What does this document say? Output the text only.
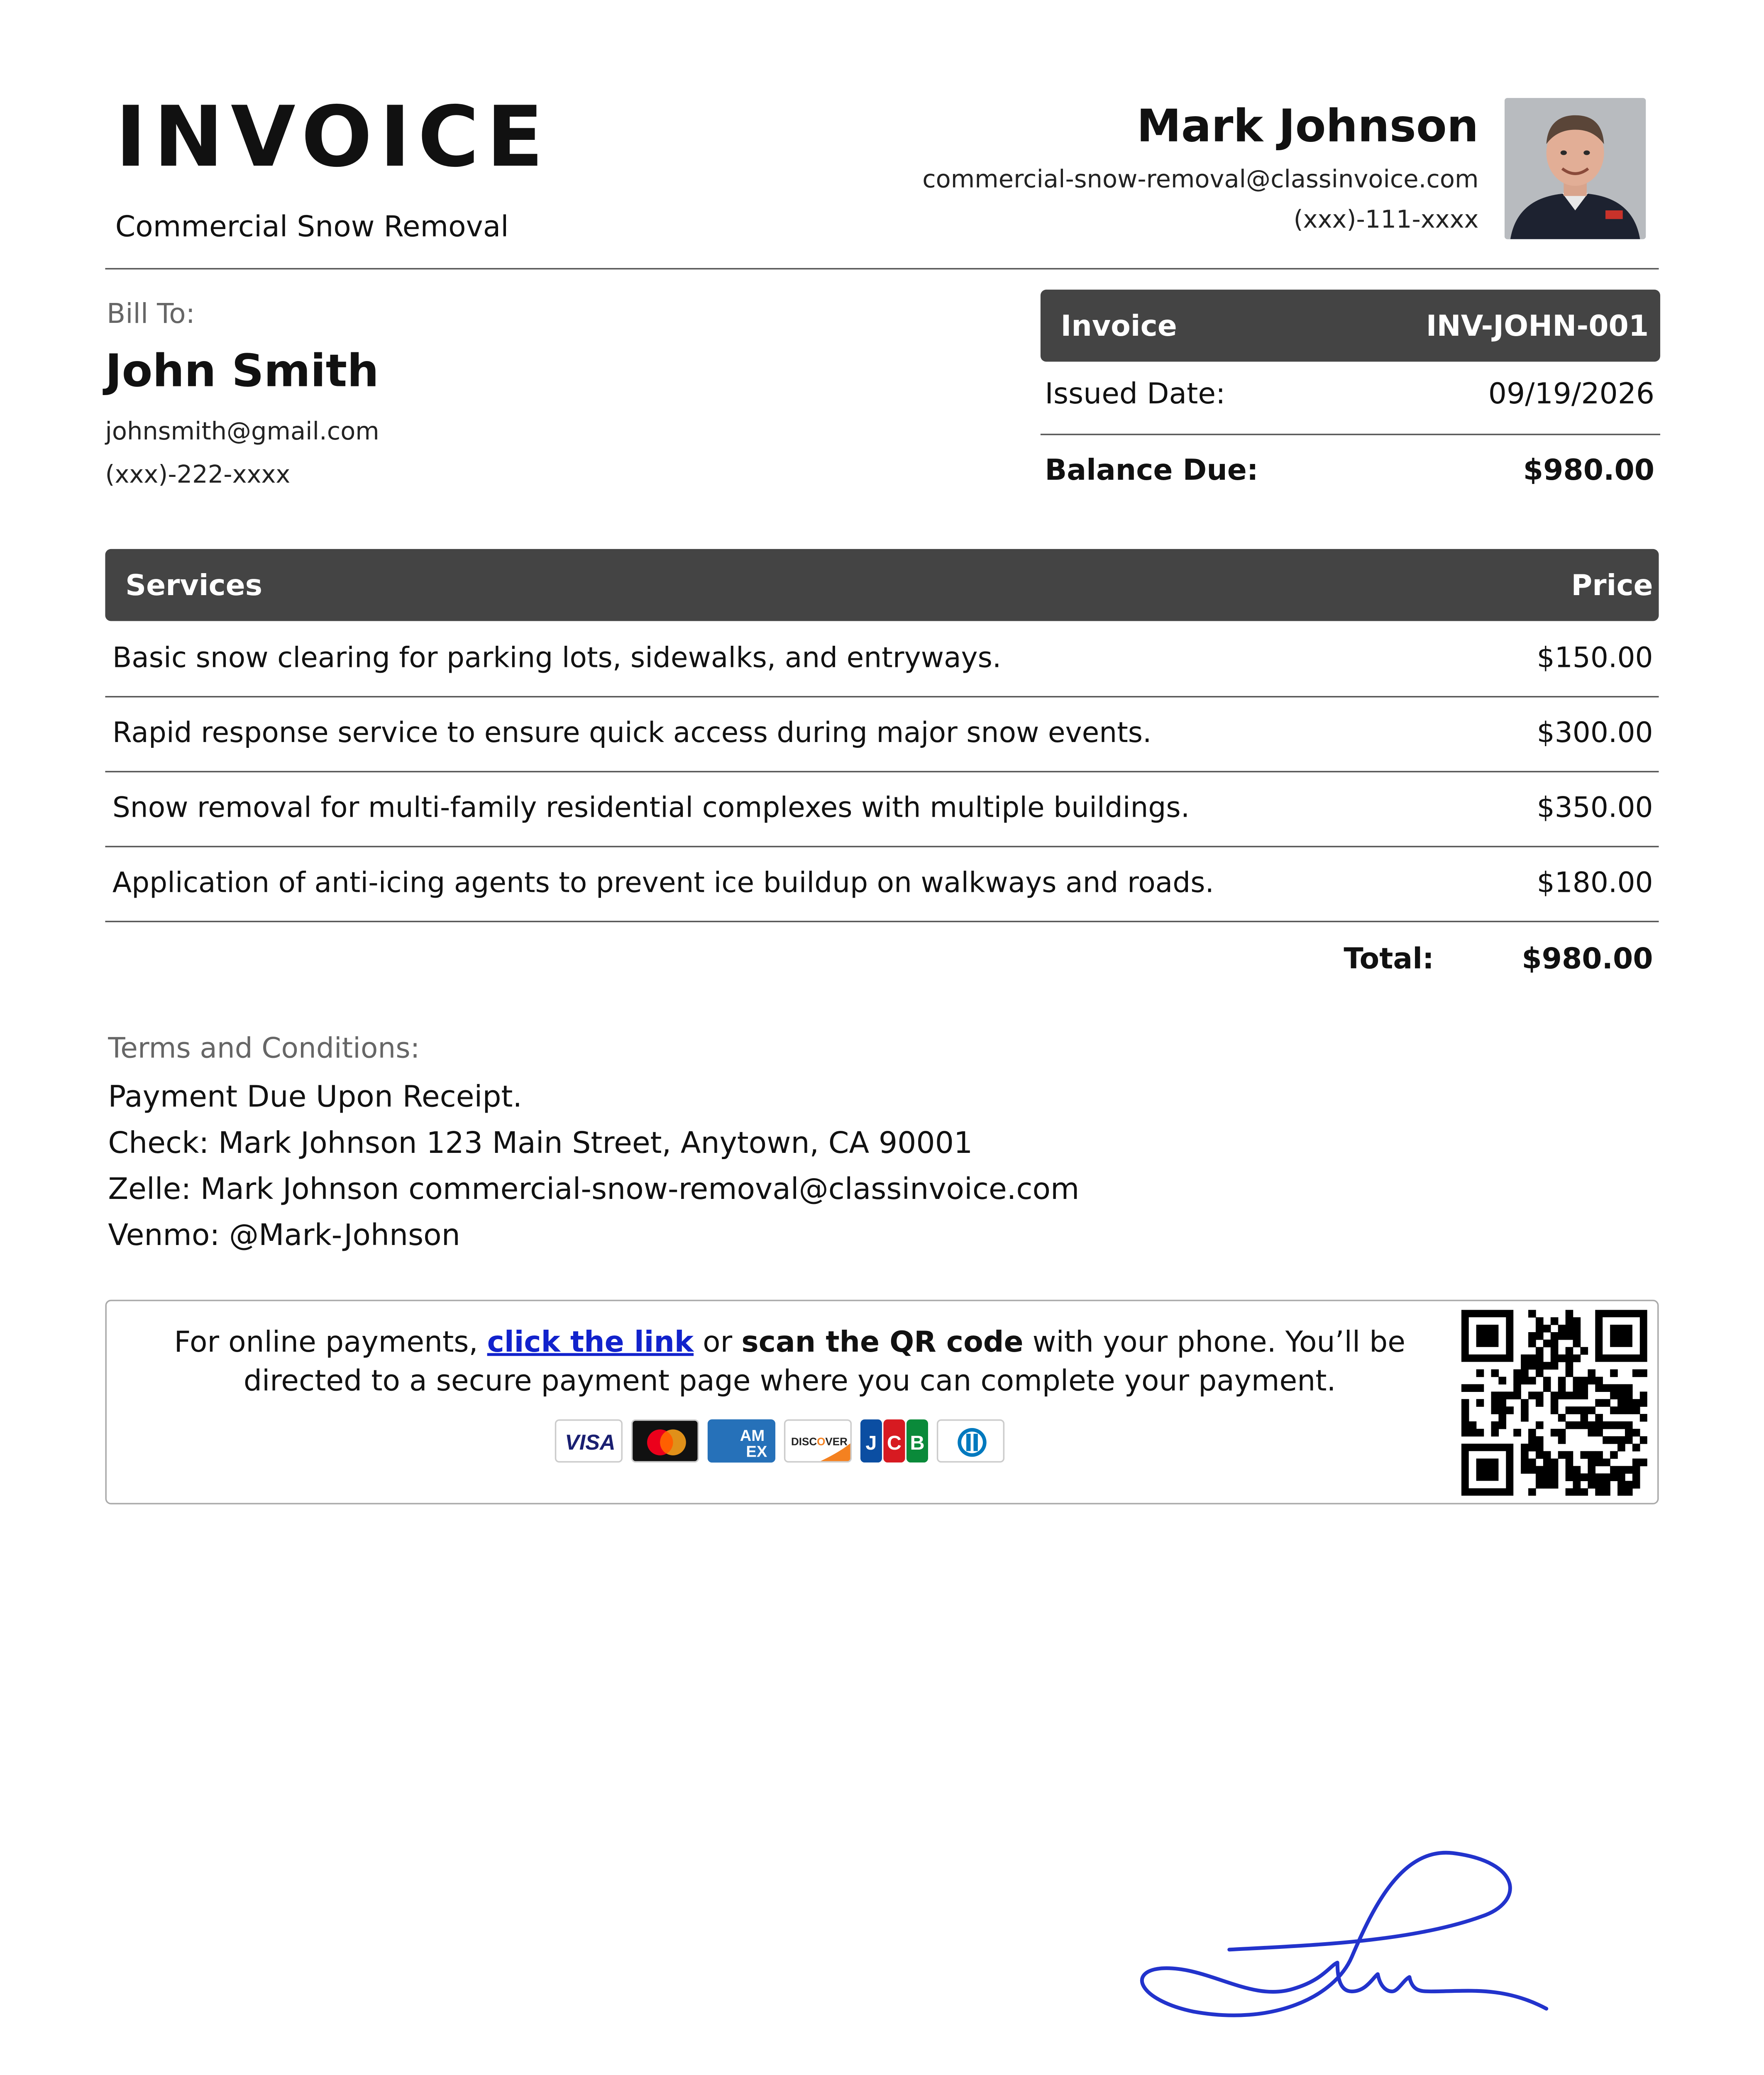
INVOICE
Commercial Snow Removal
Mark Johnson
commercial-snow-removal@classinvoice.com
(xxx)-111-xxxx
Bill To:
John Smith
johnsmith@gmail.com
(xxx)-222-xxxx
Invoice	INV-JOHN-001
Issued Date:	09/19/2026
Balance Due:	$980.00
Services	Price
Basic snow clearing for parking lots, sidewalks, and entryways.	$150.00
Rapid response service to ensure quick access during major snow events.	$300.00
Snow removal for multi-family residential complexes with multiple buildings.	$350.00
Application of anti-icing agents to prevent ice buildup on walkways and roads.	$180.00
Total:	$980.00
Terms and Conditions:
Payment Due Upon Receipt.
Check: Mark Johnson 123 Main Street, Anytown, CA 90001
Zelle: Mark Johnson commercial-snow-removal@classinvoice.com
Venmo: @Mark-Johnson
For online payments, click the link or scan the QR code with your phone. You’ll be directed to a secure payment page where you can complete your payment.
VISA	AM
EX
DISCOVER	J C B
